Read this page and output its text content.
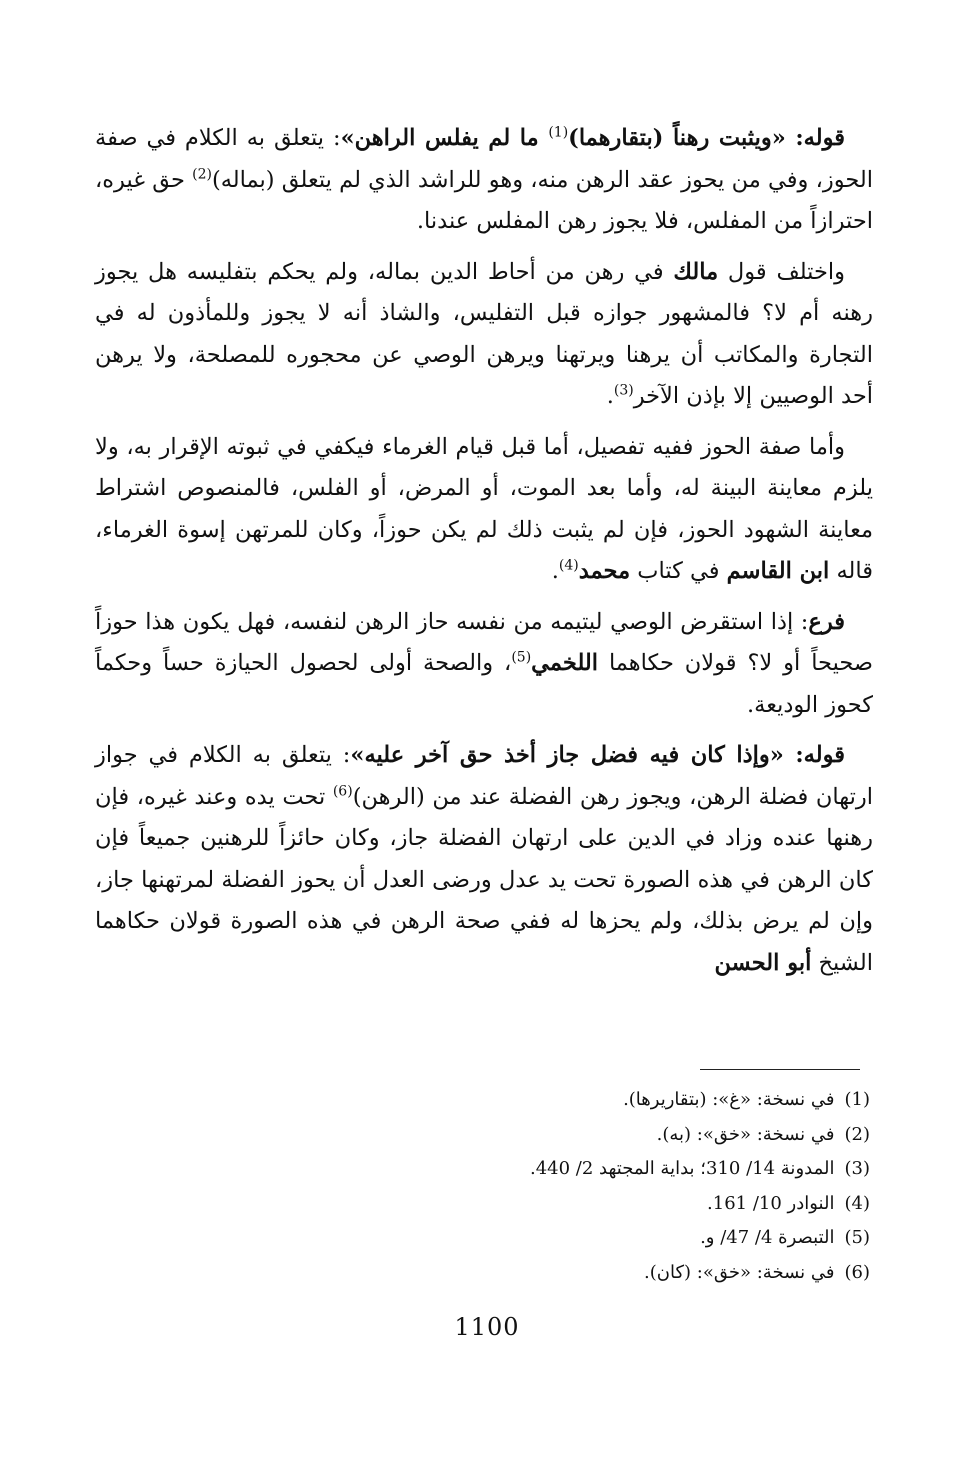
قوله: «ويثبت رهناً (بتقارهما)$^{(1)}$ ما لم يفلس الراهن»: يتعلق به الكلام في صفة الحوز، وفي من يحوز عقد الرهن منه، وهو للراشد الذي لم يتعلق (بماله)$^{(2)}$ حق غيره، احترازاً من المفلس، فلا يجوز رهن المفلس عندنا.

واختلف قول مالك في رهن من أحاط الدين بماله، ولم يحكم بتفليسه هل يجوز رهنه أم لا؟ فالمشهور جوازه قبل التفليس، والشاذ أنه لا يجوز وللمأذون له في التجارة والمكاتب أن يرهنا ويرتهنا ويرهن الوصي عن محجوره للمصلحة، ولا يرهن أحد الوصيين إلا بإذن الآخر$^{(3)}$.

وأما صفة الحوز ففيه تفصيل، أما قبل قيام الغرماء فيكفي في ثبوته الإقرار به، ولا يلزم معاينة البينة له، وأما بعد الموت، أو المرض، أو الفلس، فالمنصوص اشتراط معاينة الشهود الحوز، فإن لم يثبت ذلك لم يكن حوزاً، وكان للمرتهن إسوة الغرماء، قاله ابن القاسم في كتاب محمد$^{(4)}$.

فرع: إذا استقرض الوصي ليتيمه من نفسه حاز الرهن لنفسه، فهل يكون هذا حوزاً صحيحاً أو لا؟ قولان حكاهما اللخمي$^{(5)}$، والصحة أولى لحصول الحيازة حساً وحكماً كحوز الوديعة.

قوله: «وإذا كان فيه فضل جاز أخذ حق آخر عليه»: يتعلق به الكلام في جواز ارتهان فضلة الرهن، ويجوز رهن الفضلة عند من (الرهن)$^{(6)}$ تحت يده وعند غيره، فإن رهنها عنده وزاد في الدين على ارتهان الفضلة جاز، وكان حائزاً للرهنين جميعاً فإن كان الرهن في هذه الصورة تحت يد عدل ورضى العدل أن يحوز الفضلة لمرتهنها جاز، وإن لم يرض بذلك، ولم يحزها له ففي صحة الرهن في هذه الصورة قولان حكاهما الشيخ أبو الحسن

(1)في نسخة: «غ»: (بتقاريرها).
(2)في نسخة: «خق»: (به).
(3)المدونة 14/ 310؛ بداية المجتهد 2/ 440.
(4)النوادر 10/ 161.
(5)التبصرة 4/ 47/ و.
(6)في نسخة: «خق»: (كان).
1100
